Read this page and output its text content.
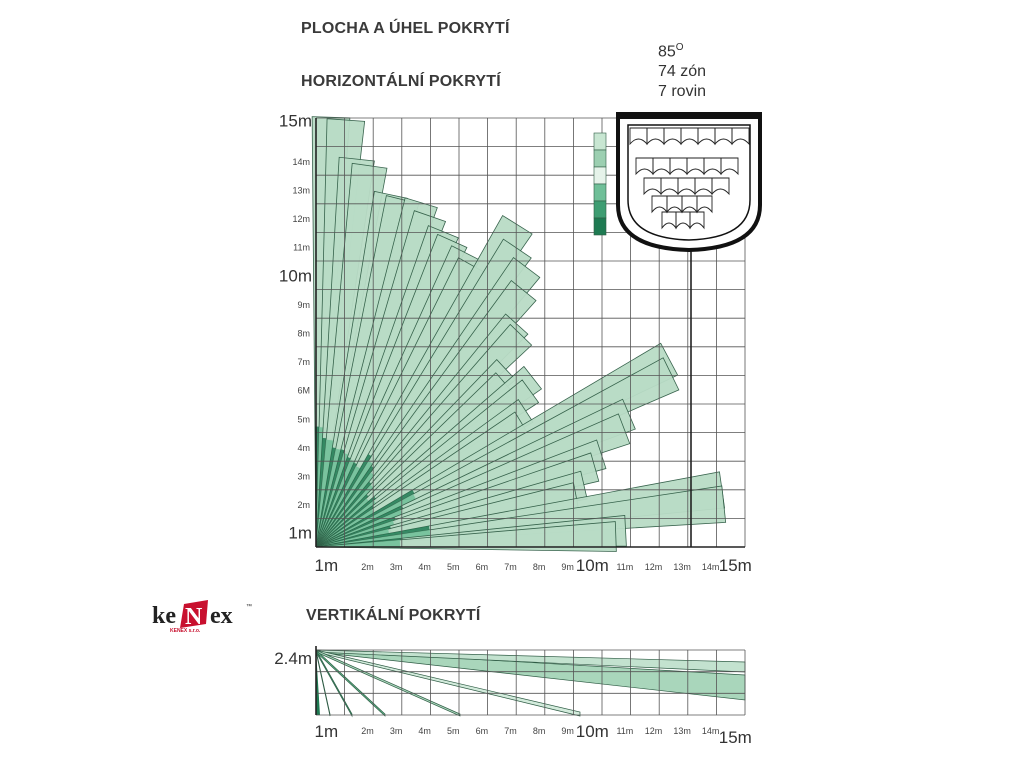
PLOCHA A ÚHEL POKRYTÍ
HORIZONTÁLNÍ POKRYTÍ
VERTIKÁLNÍ POKRYTÍ
$85^O$
74 zón
7 rovin
1m	2m 3m 4m 5m 6m 7m 8m 9m 10m 11m 12m 13m 14m 15m
1m
2m
3m
4m
5m
6M
7m
8m
9m
10m
11m
12m
13m
14m
15m
2.4m
1m	2m 3m 4m 5m 6m 7m 8m 9m 10m 11m 12m 13m 14m 15m
ke N ex ™
KENEX s.r.o.
